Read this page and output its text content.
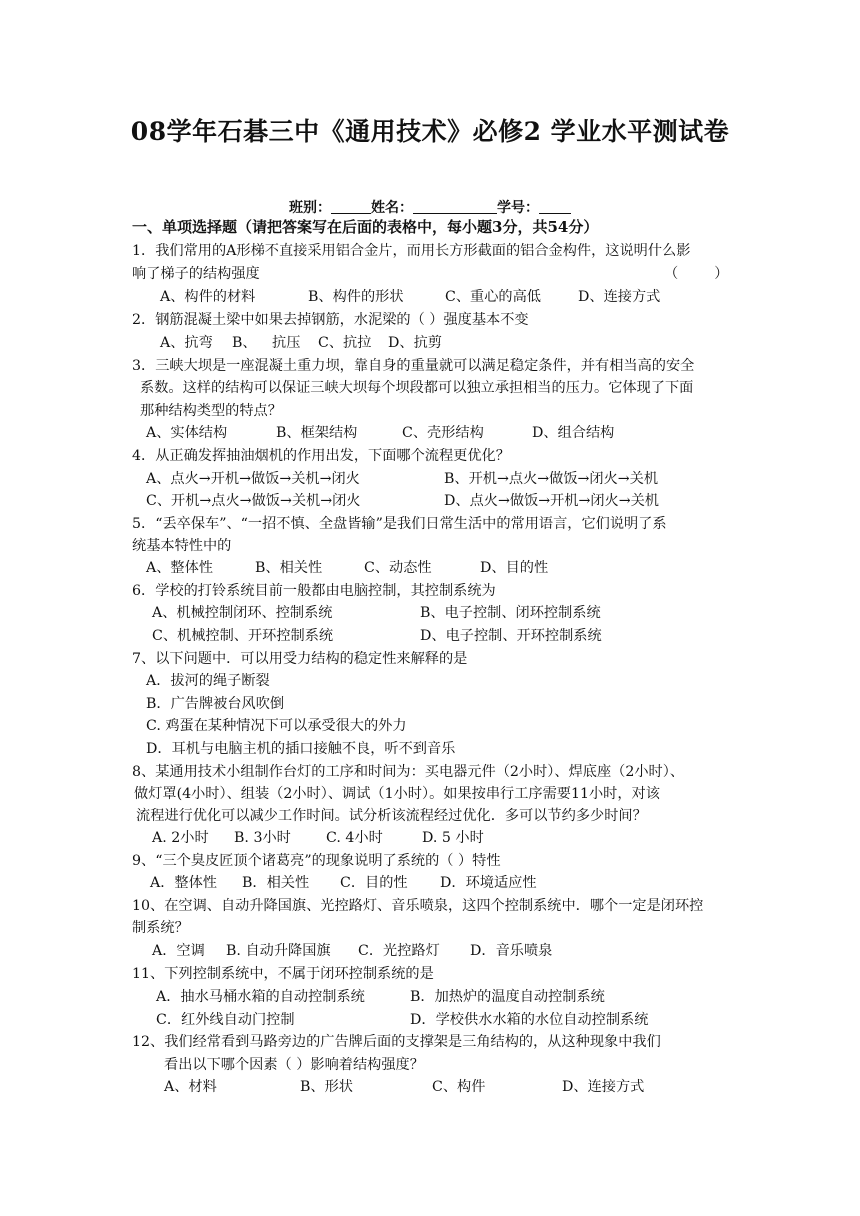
08学年石碁三中《通用技术》必修2 学业水平测试卷
班别：	姓名：	学号：
一、单项选择题（请把答案写在后面的表格中，每小题3分，共54分）
1．我们常用的A形梯不直接采用铝合金片，而用长方形截面的铝合金构件，这说明什么影
响了梯子的结构强度	（        ）
A、构件的材料	B、构件的形状	C、重心的高低	D、连接方式
2．钢筋混凝土梁中如果去掉钢筋，水泥梁的（ ）强度基本不变
A、抗弯 B、 抗压 C、抗拉 D、抗剪
3．三峡大坝是一座混凝土重力坝，靠自身的重量就可以满足稳定条件，并有相当高的安全
系数。这样的结构可以保证三峡大坝每个坝段都可以独立承担相当的压力。它体现了下面
那种结构类型的特点？
A、实体结构	B、框架结构	C、壳形结构	D、组合结构
4．从正确发挥抽油烟机的作用出发，下面哪个流程更优化？
A、点火→开机→做饭→关机→闭火	B、开机→点火→做饭→闭火→关机
C、开机→点火→做饭→关机→闭火	D、点火→做饭→开机→闭火→关机
5．“丢卒保车”、“一招不慎、全盘皆输”是我们日常生活中的常用语言，它们说明了系
统基本特性中的
A、整体性	B、相关性	C、动态性	D、目的性
6．学校的打铃系统目前一般都由电脑控制，其控制系统为
A、机械控制闭环、控制系统	B、电子控制、闭环控制系统
C、机械控制、开环控制系统	D、电子控制、开环控制系统
7、以下问题中．可以用受力结构的稳定性来解释的是
A．拔河的绳子断裂
B．广告牌被台风吹倒
C. 鸡蛋在某种情况下可以承受很大的外力
D．耳机与电脑主机的插口接触不良，听不到音乐
8、某通用技术小组制作台灯的工序和时间为：买电器元件（2小时）、焊底座（2小时）、
做灯罩(4小时）、组装（2小时）、调试（1小时）。如果按串行工序需要11小时，对该
流程进行优化可以减少工作时间。试分析该流程经过优化．多可以节约多少时间？
A. 2小时 B. 3小时 C. 4小时	D. 5 小时
9、“三个臭皮匠顶个诸葛亮”的现象说明了系统的（ ）特性
A．整体性 B．相关性 C．目的性 D．环境适应性
10、在空调、自动升降国旗、光控路灯、音乐喷泉，这四个控制系统中．哪个一定是闭环控
制系统？
A．空调 B. 自动升降国旗 C．光控路灯 D．音乐喷泉
11、下列控制系统中，不属于闭环控制系统的是
A．抽水马桶水箱的自动控制系统	B．加热炉的温度自动控制系统
C．红外线自动门控制	D．学校供水水箱的水位自动控制系统
12、我们经常看到马路旁边的广告牌后面的支撑架是三角结构的，从这种现象中我们
看出以下哪个因素（ ）影响着结构强度？
A、材料	B、形状	C、构件	D、连接方式
